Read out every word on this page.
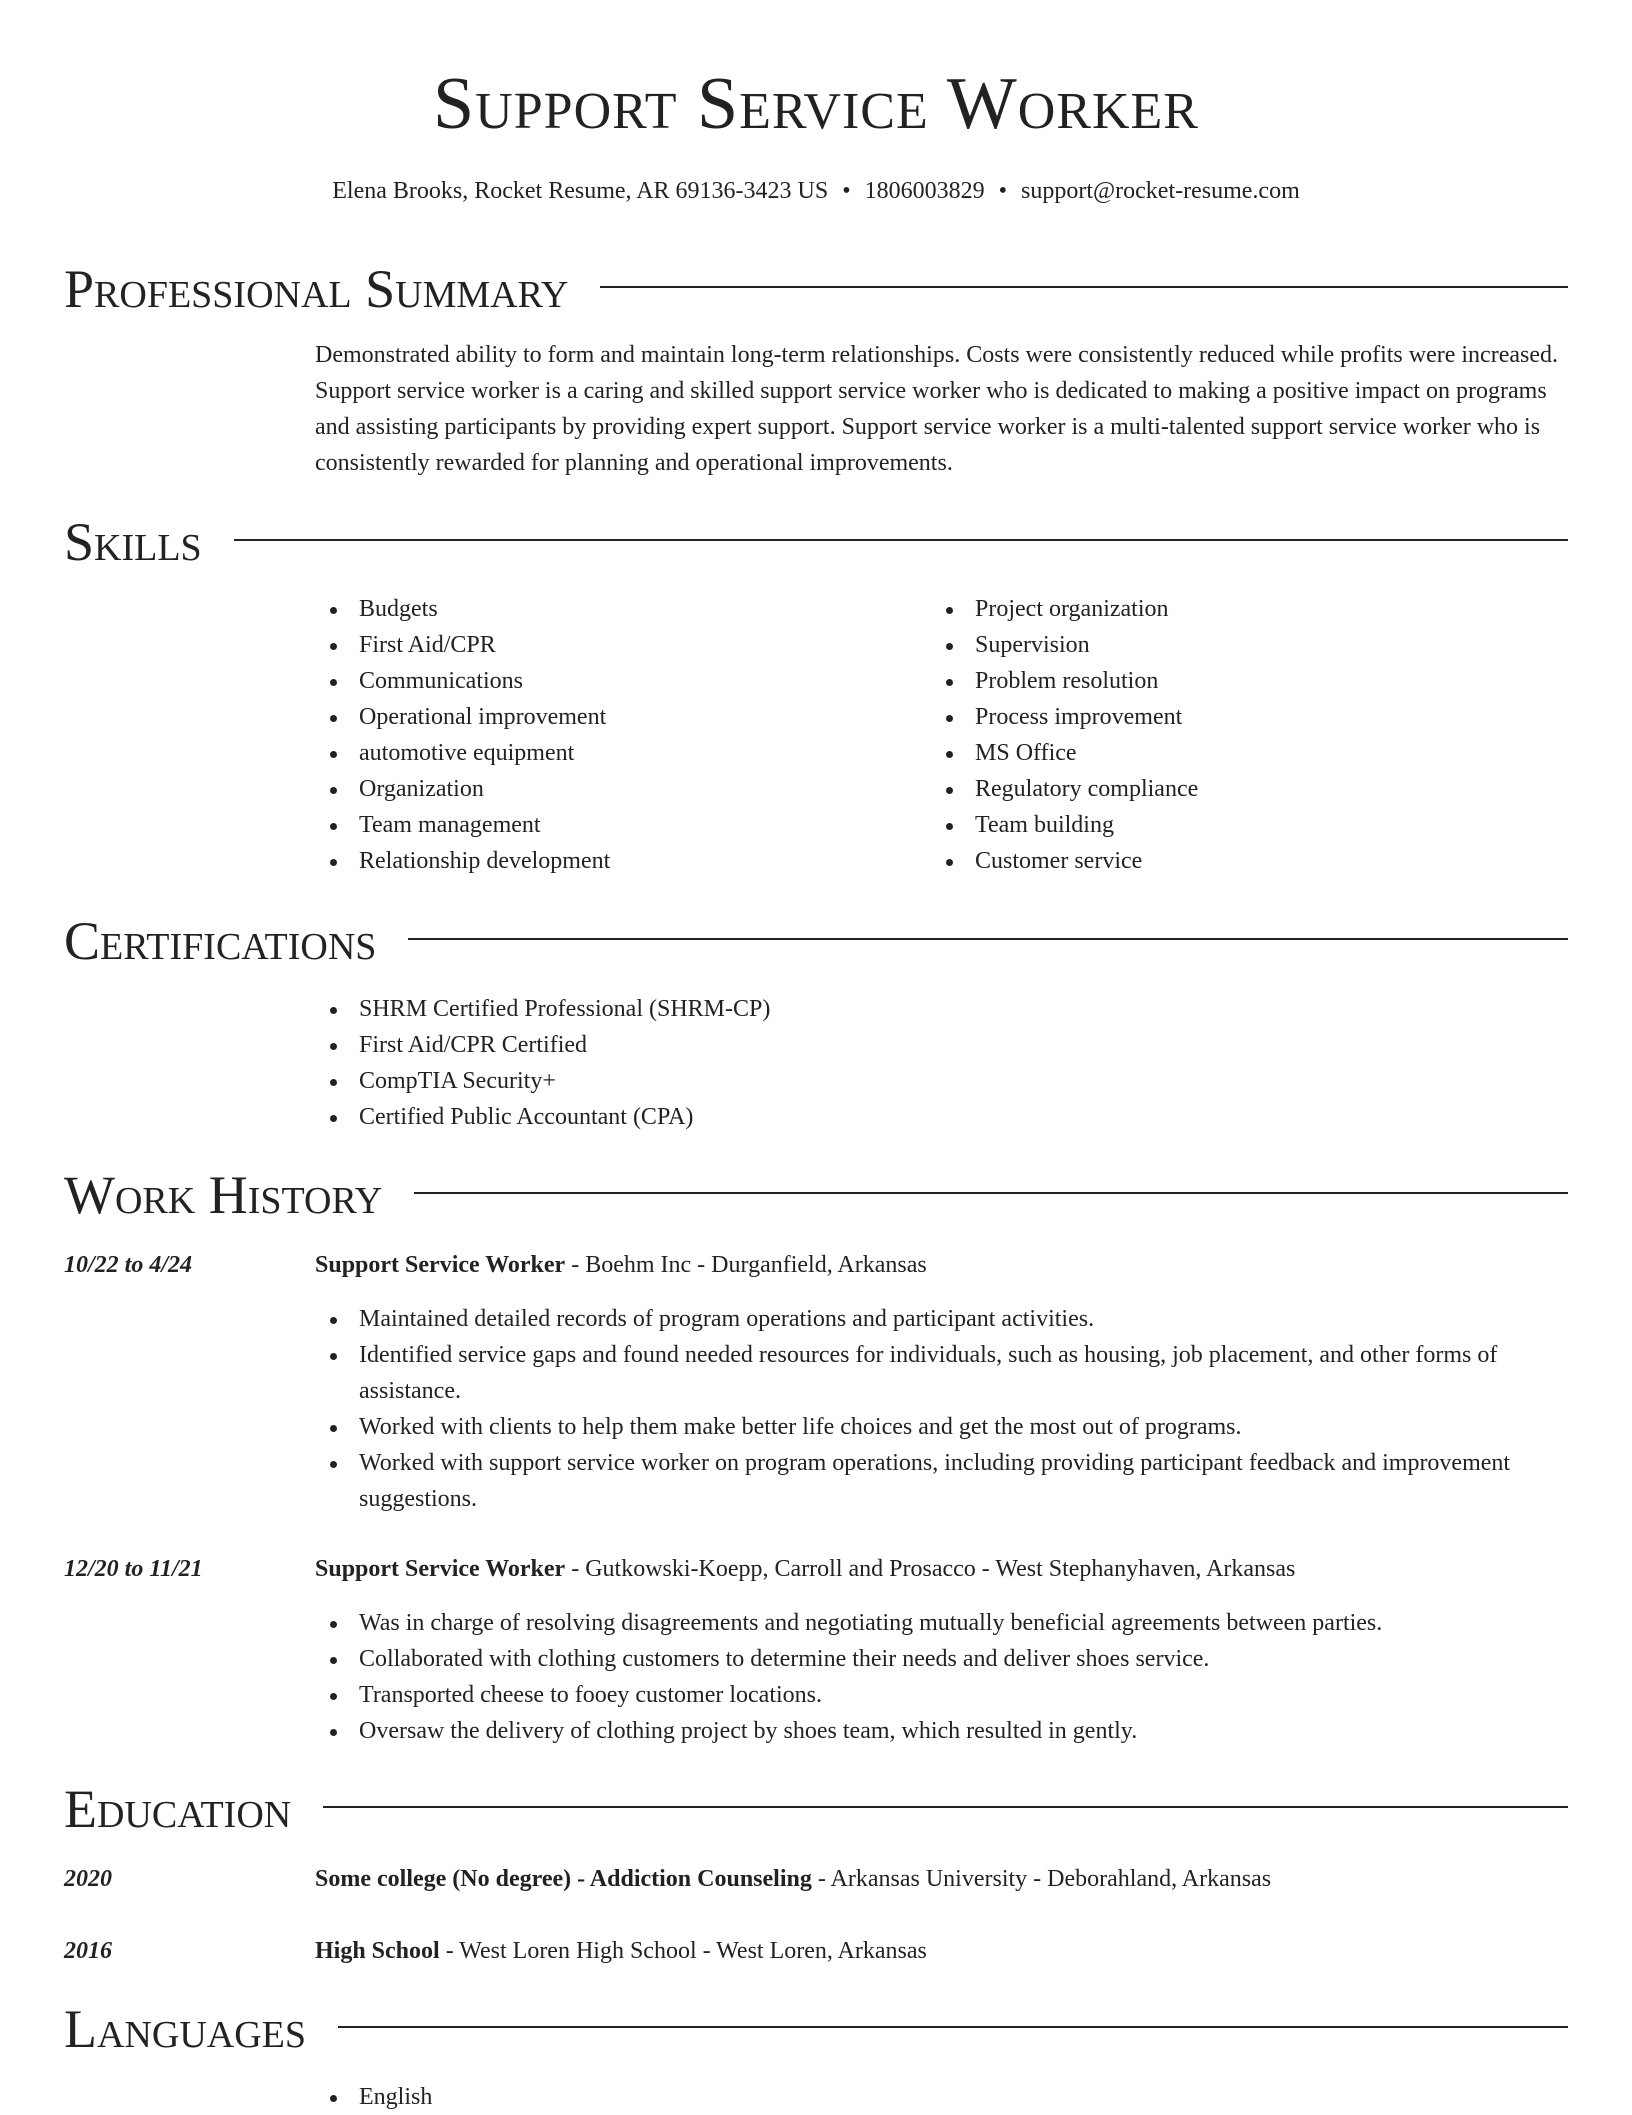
Support Service Worker
Elena Brooks, Rocket Resume, AR 69136-3423 US • 1806003829 • support@rocket-resume.com
Professional Summary
Demonstrated ability to form and maintain long-term relationships. Costs were consistently reduced while profits were increased. Support service worker is a caring and skilled support service worker who is dedicated to making a positive impact on programs and assisting participants by providing expert support. Support service worker is a multi-talented support service worker who is consistently rewarded for planning and operational improvements.
Skills
Budgets
First Aid/CPR
Communications
Operational improvement
automotive equipment
Organization
Team management
Relationship development
Project organization
Supervision
Problem resolution
Process improvement
MS Office
Regulatory compliance
Team building
Customer service
Certifications
SHRM Certified Professional (SHRM-CP)
First Aid/CPR Certified
CompTIA Security+
Certified Public Accountant (CPA)
Work History
10/22 to 4/24	Support Service Worker - Boehm Inc - Durganfield, Arkansas
Maintained detailed records of program operations and participant activities.
Identified service gaps and found needed resources for individuals, such as housing, job placement, and other forms of assistance.
Worked with clients to help them make better life choices and get the most out of programs.
Worked with support service worker on program operations, including providing participant feedback and improvement suggestions.
12/20 to 11/21	Support Service Worker - Gutkowski-Koepp, Carroll and Prosacco - West Stephanyhaven, Arkansas
Was in charge of resolving disagreements and negotiating mutually beneficial agreements between parties.
Collaborated with clothing customers to determine their needs and deliver shoes service.
Transported cheese to fooey customer locations.
Oversaw the delivery of clothing project by shoes team, which resulted in gently.
Education
2020	Some college (No degree) - Addiction Counseling - Arkansas University - Deborahland, Arkansas
2016	High School - West Loren High School - West Loren, Arkansas
Languages
English
